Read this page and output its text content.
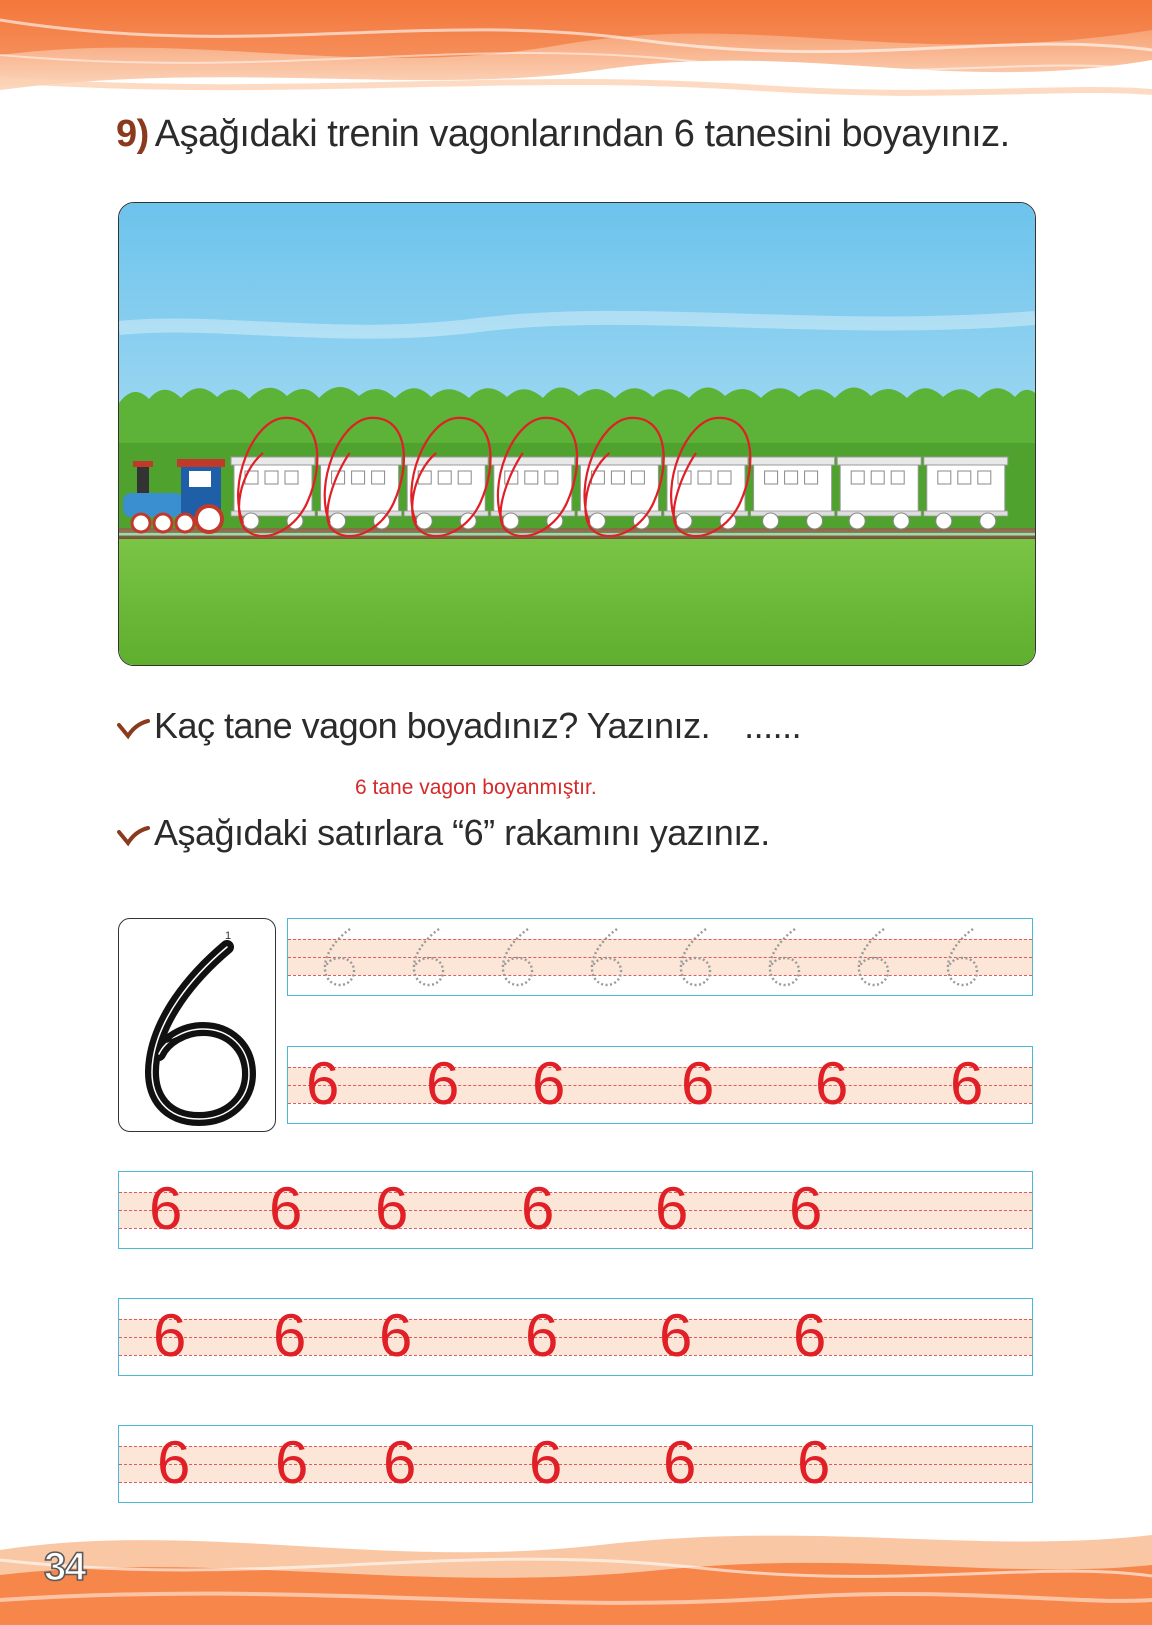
9) Aşağıdaki trenin vagonlarından 6 tanesini boyayınız.
Kaç tane vagon boyadınız? Yazınız. ......
6 tane vagon boyanmıştır.
Aşağıdaki satırlara “6” rakamını yazınız.
1
6 6 6 6 6 6
6 6 6 6 6 6
6 6 6 6 6 6
6 6 6 6 6 6
34
